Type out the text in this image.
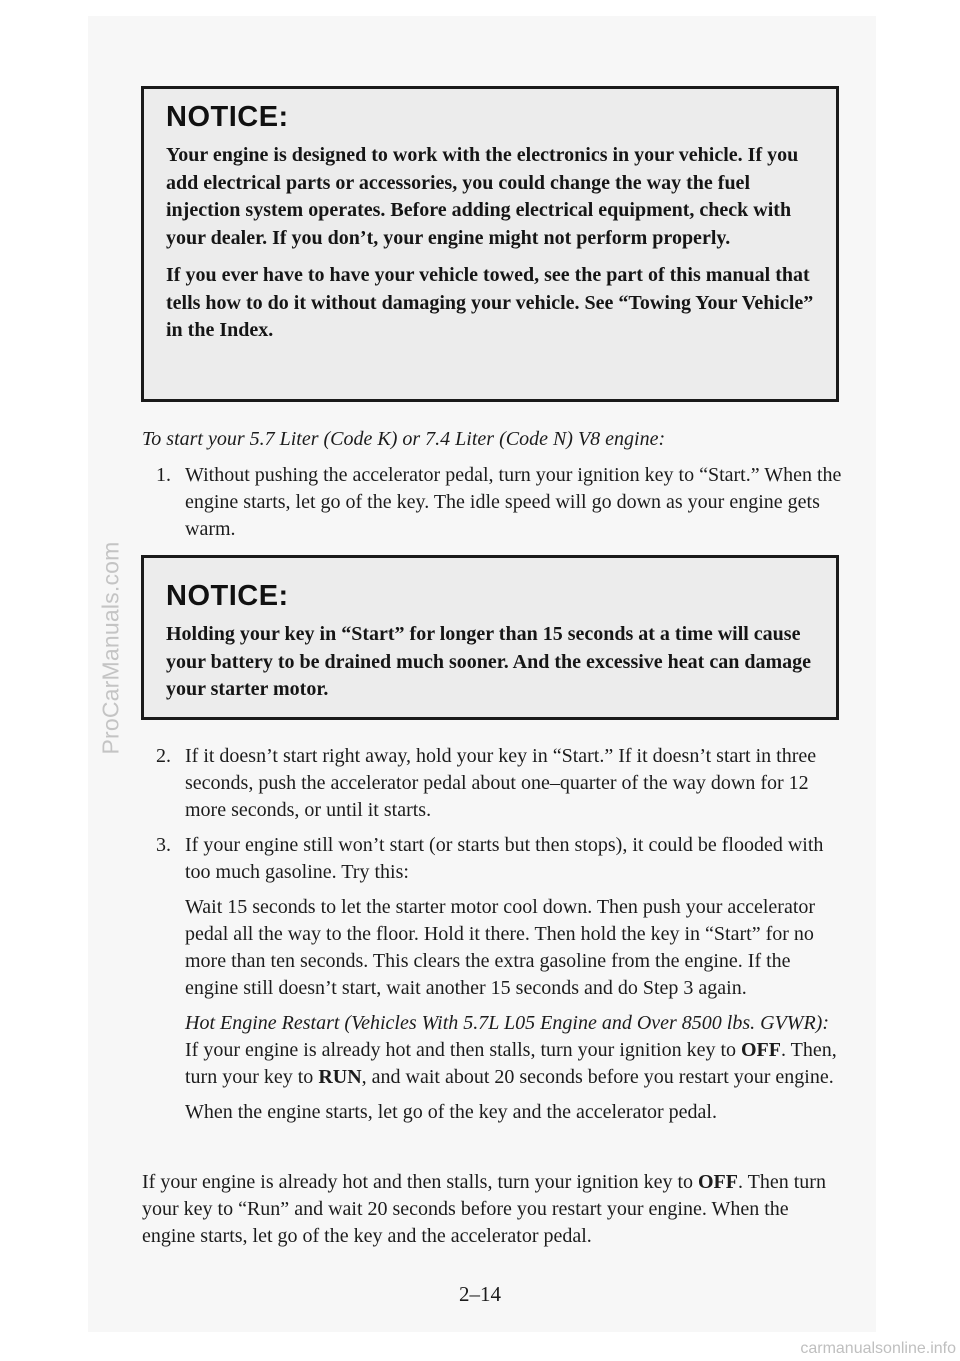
ProCarManuals.com
NOTICE:

Your engine is designed to work with the electronics in your vehicle. If you add electrical parts or accessories, you could change the way the fuel injection system operates. Before adding electrical equipment, check with your dealer. If you don’t, your engine might not perform properly.

If you ever have to have your vehicle towed, see the part of this manual that tells how to do it without damaging your vehicle. See “Towing Your Vehicle” in the Index.

To start your 5.7 Liter (Code K) or 7.4 Liter (Code N) V8 engine:

1. Without pushing the accelerator pedal, turn your ignition key to “Start.” When the engine starts, let go of the key. The idle speed will go down as your engine gets warm.
NOTICE:

Holding your key in “Start” for longer than 15 seconds at a time will cause your battery to be drained much sooner. And the excessive heat can damage your starter motor.

2. If it doesn’t start right away, hold your key in “Start.” If it doesn’t start in three seconds, push the accelerator pedal about one–quarter of the way down for 12 more seconds, or until it starts.
3. If your engine still won’t start (or starts but then stops), it could be flooded with too much gasoline. Try this:

Wait 15 seconds to let the starter motor cool down. Then push your accelerator pedal all the way to the floor. Hold it there. Then hold the key in “Start” for no more than ten seconds. This clears the extra gasoline from the engine. If the engine still doesn’t start, wait another 15 seconds and do Step 3 again.

Hot Engine Restart (Vehicles With 5.7L L05 Engine and Over 8500 lbs. GVWR): If your engine is already hot and then stalls, turn your ignition key to OFF. Then, turn your key to RUN, and wait about 20 seconds before you restart your engine.

When the engine starts, let go of the key and the accelerator pedal.

If your engine is already hot and then stalls, turn your ignition key to OFF. Then turn your key to “Run” and wait 20 seconds before you restart your engine. When the engine starts, let go of the key and the accelerator pedal.

2–14

carmanualsonline.info
